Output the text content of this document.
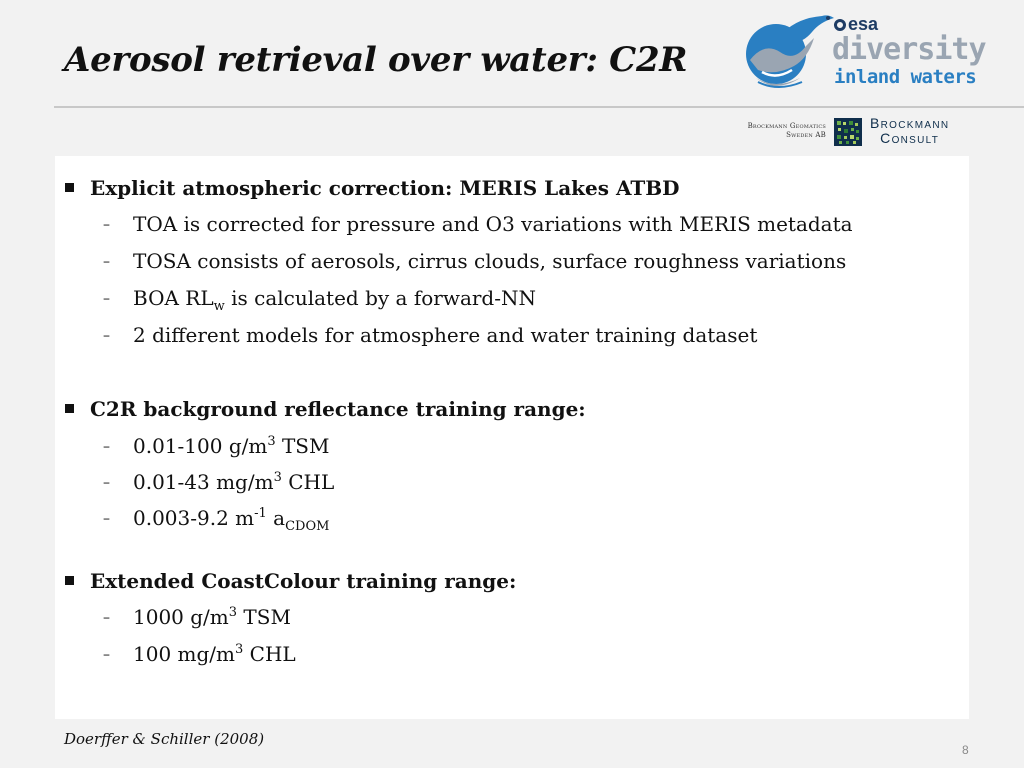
Aerosol retrieval over water: C2R
esa
diversity
inland waters
Brockmann Geomatics
Sweden AB
Brockmann
Consult
Explicit atmospheric correction: MERIS Lakes ATBD
– TOA is corrected for pressure and O3 variations with MERIS metadata
– TOSA consists of aerosols, cirrus clouds, surface roughness variations
– BOA $RL_w$ is calculated by a forward-NN
– 2 different models for atmosphere and water training dataset
C2R background reflectance training range:
– 0.01-100 $g/m^3$ TSM
– 0.01-43 $mg/m^3$ CHL
– 0.003-9.2 $m^{-1}$ $a_{CDOM}$
Extended CoastColour training range:
– 1000 $g/m^3$ TSM
– 100 $mg/m^3$ CHL
Doerffer & Schiller (2008)
8
